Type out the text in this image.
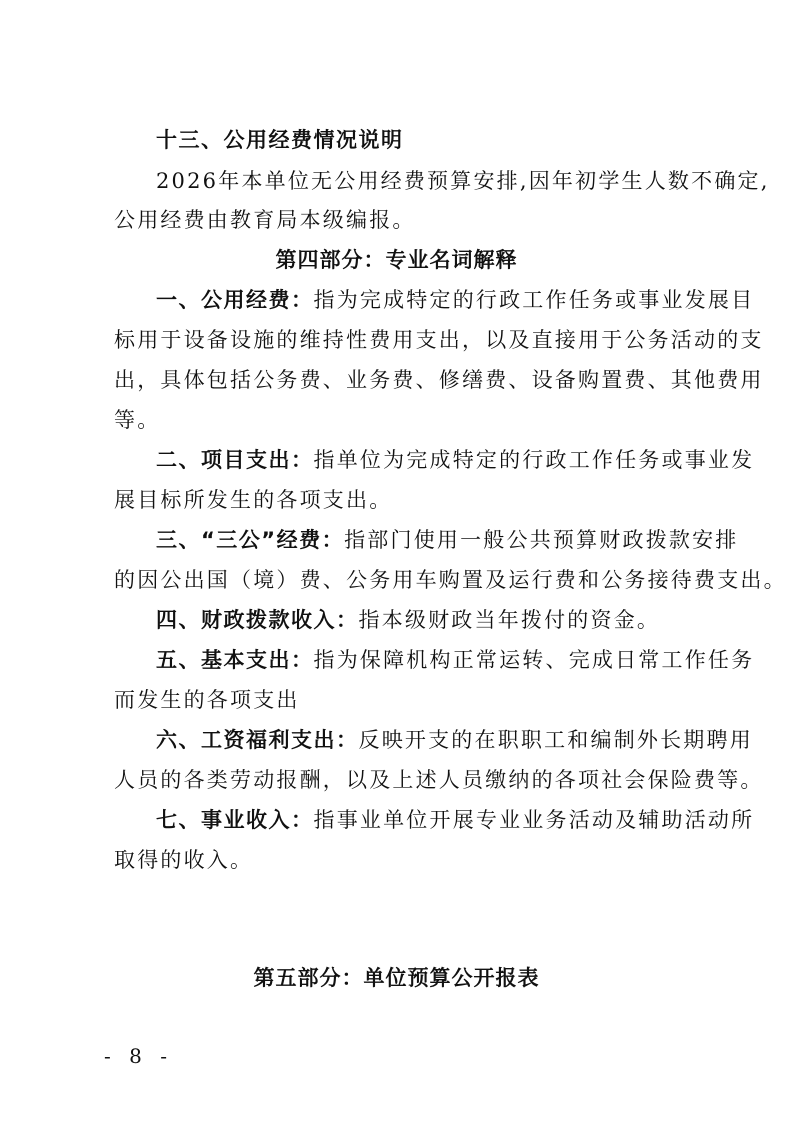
十三、公用经费情况说明
2026年本单位无公用经费预算安排,因年初学生人数不确定,
公用经费由教育局本级编报。
第四部分：专业名词解释
一、公用经费：指为完成特定的行政工作任务或事业发展目
标用于设备设施的维持性费用支出，以及直接用于公务活动的支
出，具体包括公务费、业务费、修缮费、设备购置费、其他费用
等。
二、项目支出：指单位为完成特定的行政工作任务或事业发
展目标所发生的各项支出。
三、“三公”经费：指部门使用一般公共预算财政拨款安排
的因公出国（境）费、公务用车购置及运行费和公务接待费支出。
四、财政拨款收入：指本级财政当年拨付的资金。
五、基本支出：指为保障机构正常运转、完成日常工作任务
而发生的各项支出
六、工资福利支出：反映开支的在职职工和编制外长期聘用
人员的各类劳动报酬，以及上述人员缴纳的各项社会保险费等。
七、事业收入：指事业单位开展专业业务活动及辅助活动所
取得的收入。
第五部分：单位预算公开报表
- 8 -
